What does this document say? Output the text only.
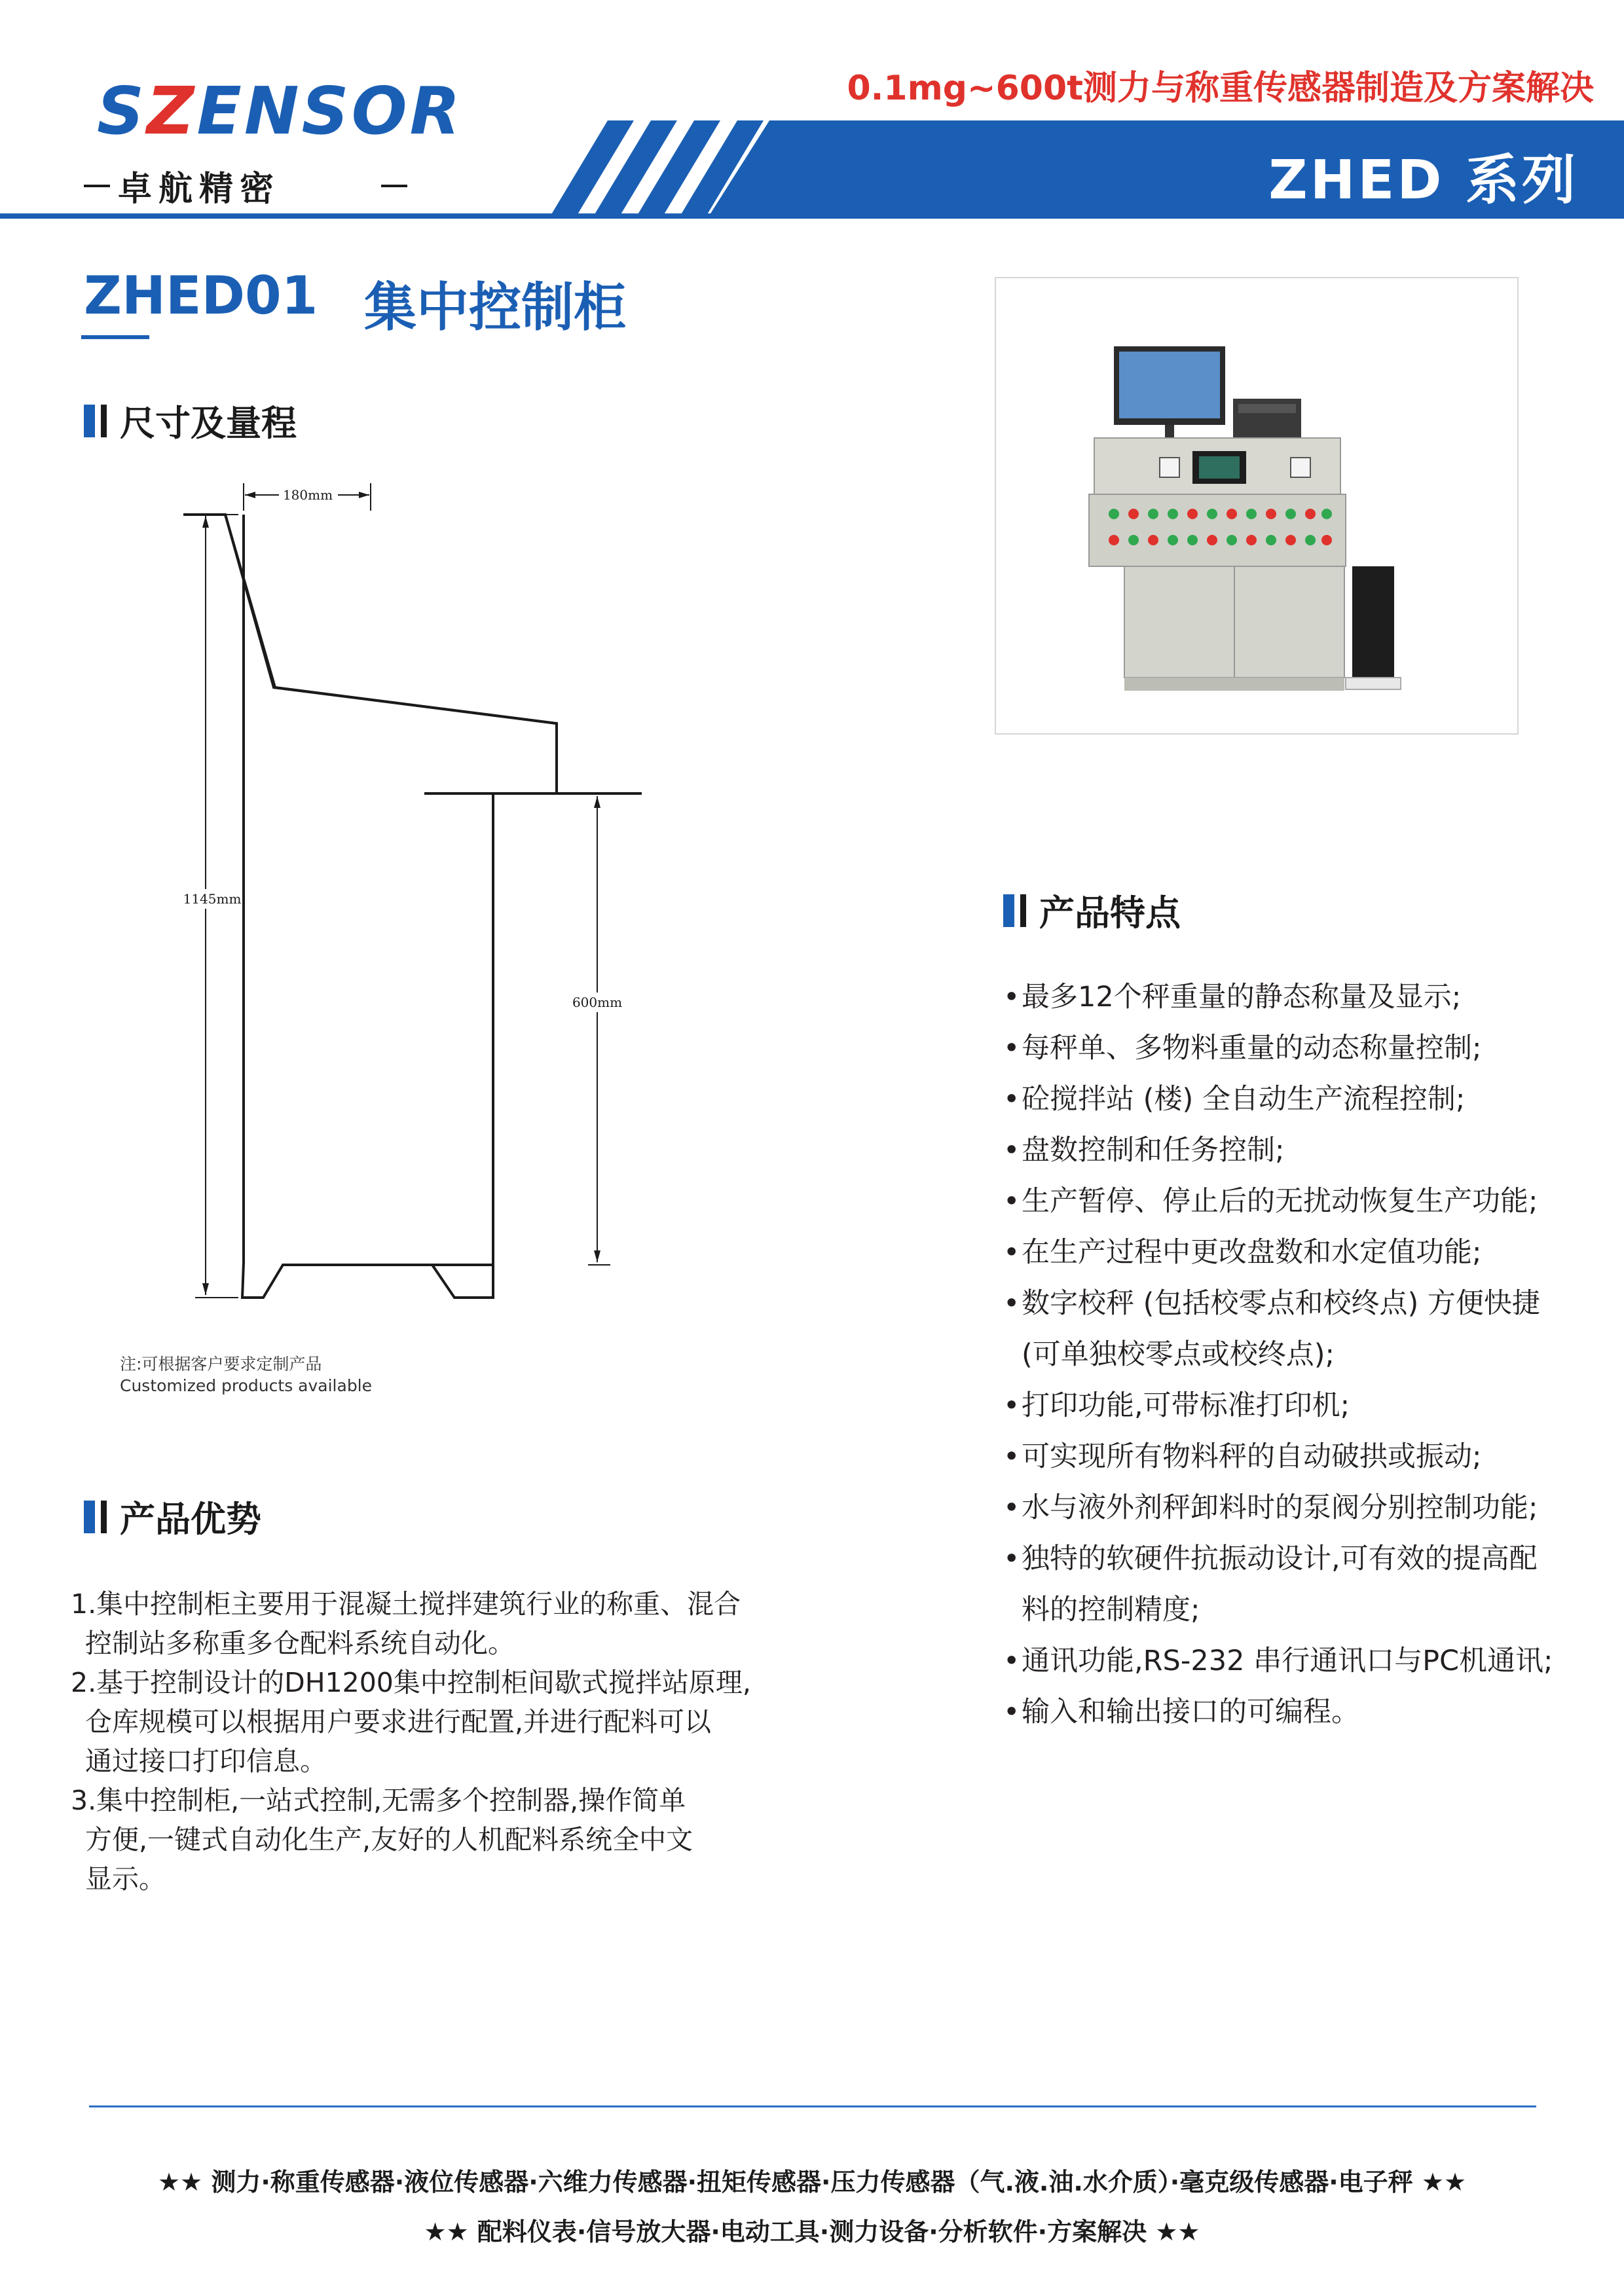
SZENSOR
卓航精密
0.1mg~600t测力与称重传感器制造及方案解决
ZHED 系列
ZHED01 集中控制柜
尺寸及量程
180mm
1145mm
600mm
注:可根据客户要求定制产品
Customized products available
产品特点
•最多12个秤重量的静态称量及显示;
•每秤单、多物料重量的动态称量控制;
•砼搅拌站 (楼) 全自动生产流程控制;
•盘数控制和任务控制;
•生产暂停、停止后的无扰动恢复生产功能;
•在生产过程中更改盘数和水定值功能;
•数字校秤 (包括校零点和校终点) 方便快捷
(可单独校零点或校终点);
•打印功能,可带标准打印机;
•可实现所有物料秤的自动破拱或振动;
•水与液外剂秤卸料时的泵阀分别控制功能;
•独特的软硬件抗振动设计,可有效的提高配
料的控制精度;
•通讯功能,RS-232 串行通讯口与PC机通讯;
•输入和输出接口的可编程。
产品优势
1.集中控制柜主要用于混凝土搅拌建筑行业的称重、混合
控制站多称重多仓配料系统自动化。
2.基于控制设计的DH1200集中控制柜间歇式搅拌站原理,
仓库规模可以根据用户要求进行配置,并进行配料可以
通过接口打印信息。
3.集中控制柜,一站式控制,无需多个控制器,操作简单
方便,一键式自动化生产,友好的人机配料系统全中文
显示。
★★ 测力·称重传感器·液位传感器·六维力传感器·扭矩传感器·压力传感器（气.液.油.水介质）·毫克级传感器·电子秤 ★★
★★ 配料仪表·信号放大器·电动工具·测力设备·分析软件·方案解决 ★★
